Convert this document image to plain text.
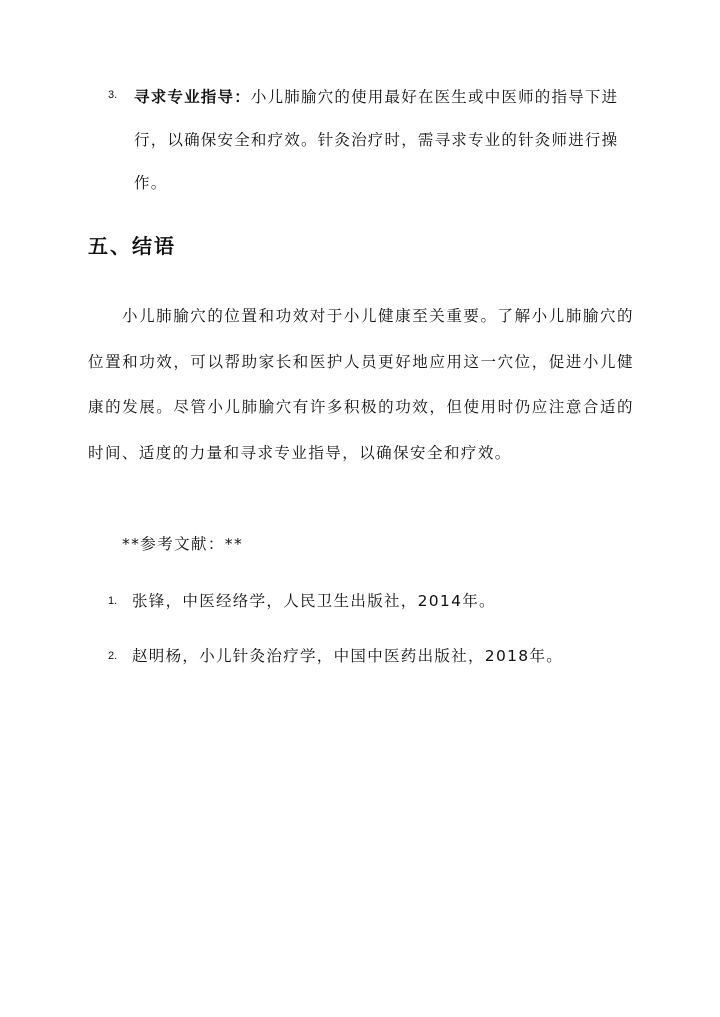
3. 寻求专业指导：小儿肺腧穴的使用最好在医生或中医师的指导下进行，以确保安全和疗效。针灸治疗时，需寻求专业的针灸师进行操作。
五、结语
小儿肺腧穴的位置和功效对于小儿健康至关重要。了解小儿肺腧穴的位置和功效，可以帮助家长和医护人员更好地应用这一穴位，促进小儿健康的发展。尽管小儿肺腧穴有许多积极的功效，但使用时仍应注意合适的时间、适度的力量和寻求专业指导，以确保安全和疗效。
**参考文献：**
1. 张锋，中医经络学，人民卫生出版社，2014年。
2. 赵明杨，小儿针灸治疗学，中国中医药出版社，2018年。
